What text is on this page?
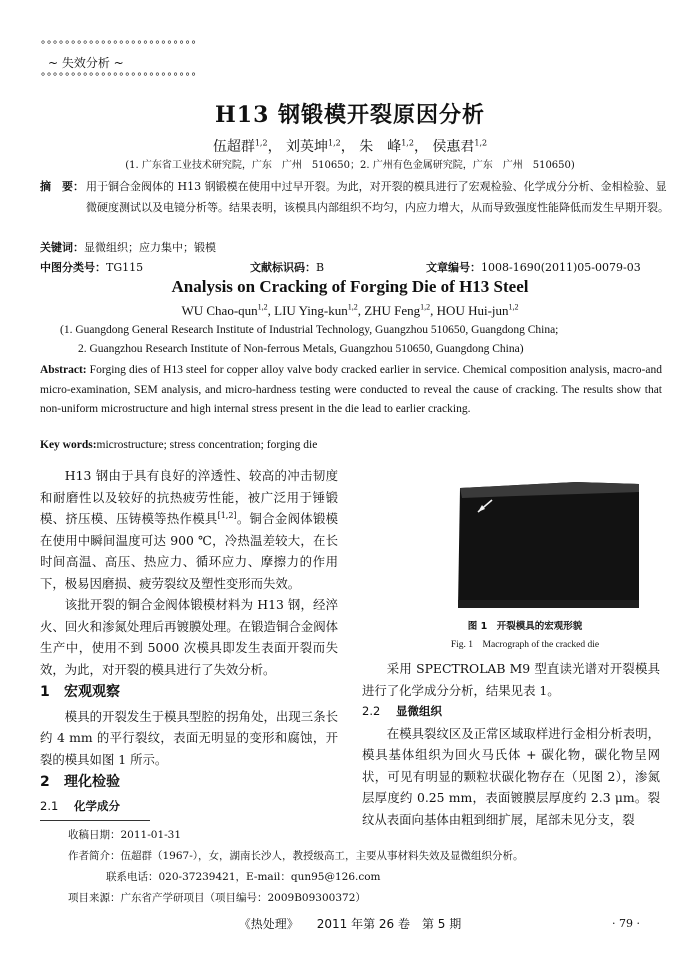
°°°°°°°°°°°°°°°°°°°°°°°°°°
~ 失效分析 ~
°°°°°°°°°°°°°°°°°°°°°°°°°°
H13 钢锻模开裂原因分析
伍超群$^{1,2}$， 刘英坤$^{1,2}$， 朱　峰$^{1,2}$， 侯惠君$^{1,2}$
(1. 广东省工业技术研究院，广东　广州　510650；2. 广州有色金属研究院，广东　广州　510650)
摘　要： 用于铜合金阀体的 H13 钢锻模在使用中过早开裂。为此，对开裂的模具进行了宏观检验、化学成分分析、金相检验、显微硬度测试以及电镜分析等。结果表明，该模具内部组织不均匀，内应力增大，从而导致强度性能降低而发生早期开裂。
关键词：显微组织；应力集中；锻模
中图分类号：TG115	文献标识码：B	文章编号：1008-1690(2011)05-0079-03
Analysis on Cracking of Forging Die of H13 Steel
WU Chao-qun$^{1,2}$, LIU Ying-kun$^{1,2}$, ZHU Feng$^{1,2}$, HOU Hui-jun$^{1,2}$
(1. Guangdong General Research Institute of Industrial Technology, Guangzhou 510650, Guangdong China;
2. Guangzhou Research Institute of Non-ferrous Metals, Guangzhou 510650, Guangdong China)
Abstract: Forging dies of H13 steel for copper alloy valve body cracked earlier in service. Chemical composition analysis, macro-and micro-examination, SEM analysis, and micro-hardness testing were conducted to reveal the cause of cracking. The results show that non-uniform microstructure and high internal stress present in the die lead to earlier cracking.
Key words:microstructure; stress concentration; forging die

H13 钢由于具有良好的淬透性、较高的冲击韧度和耐磨性以及较好的抗热疲劳性能，被广泛用于锤锻模、挤压模、压铸模等热作模具[1,2]。铜合金阀体锻模在使用中瞬间温度可达 900 ℃，冷热温差较大，在长时间高温、高压、热应力、循环应力、摩擦力的作用下，极易因磨损、疲劳裂纹及塑性变形而失效。

该批开裂的铜合金阀体锻模材料为 H13 钢，经淬火、回火和渗氮处理后再镀膜处理。在锻造铜合金阀体生产中，使用不到 5000 次模具即发生表面开裂而失效，为此，对开裂的模具进行了失效分析。

1 宏观观察

模具的开裂发生于模具型腔的拐角处，出现三条长约 4 mm 的平行裂纹，表面无明显的变形和腐蚀，开裂的模具如图 1 所示。

2 理化检验
2.1 化学成分
图 1　开裂模具的宏观形貌
Fig. 1　Macrograph of the cracked die

采用 SPECTROLAB M9 型直读光谱对开裂模具进行了化学成分分析，结果见表 1。

2.2 显微组织

在模具裂纹区及正常区域取样进行金相分析表明，模具基体组织为回火马氏体 + 碳化物，碳化物呈网状，可见有明显的颗粒状碳化物存在（见图 2），渗氮层厚度约 0.25 mm，表面镀膜层厚度约 2.3 μm。裂纹从表面向基体由粗到细扩展，尾部未见分支，裂

收稿日期：2011-01-31
作者简介：伍超群（1967-），女，湖南长沙人，教授级高工，主要从事材料失效及显微组织分析。
联系电话：020-37239421，E-mail：qun95@126.com
项目来源：广东省产学研项目（项目编号：2009B09300372）
《热处理》　　2011 年第 26 卷　第 5 期	· 79 ·
